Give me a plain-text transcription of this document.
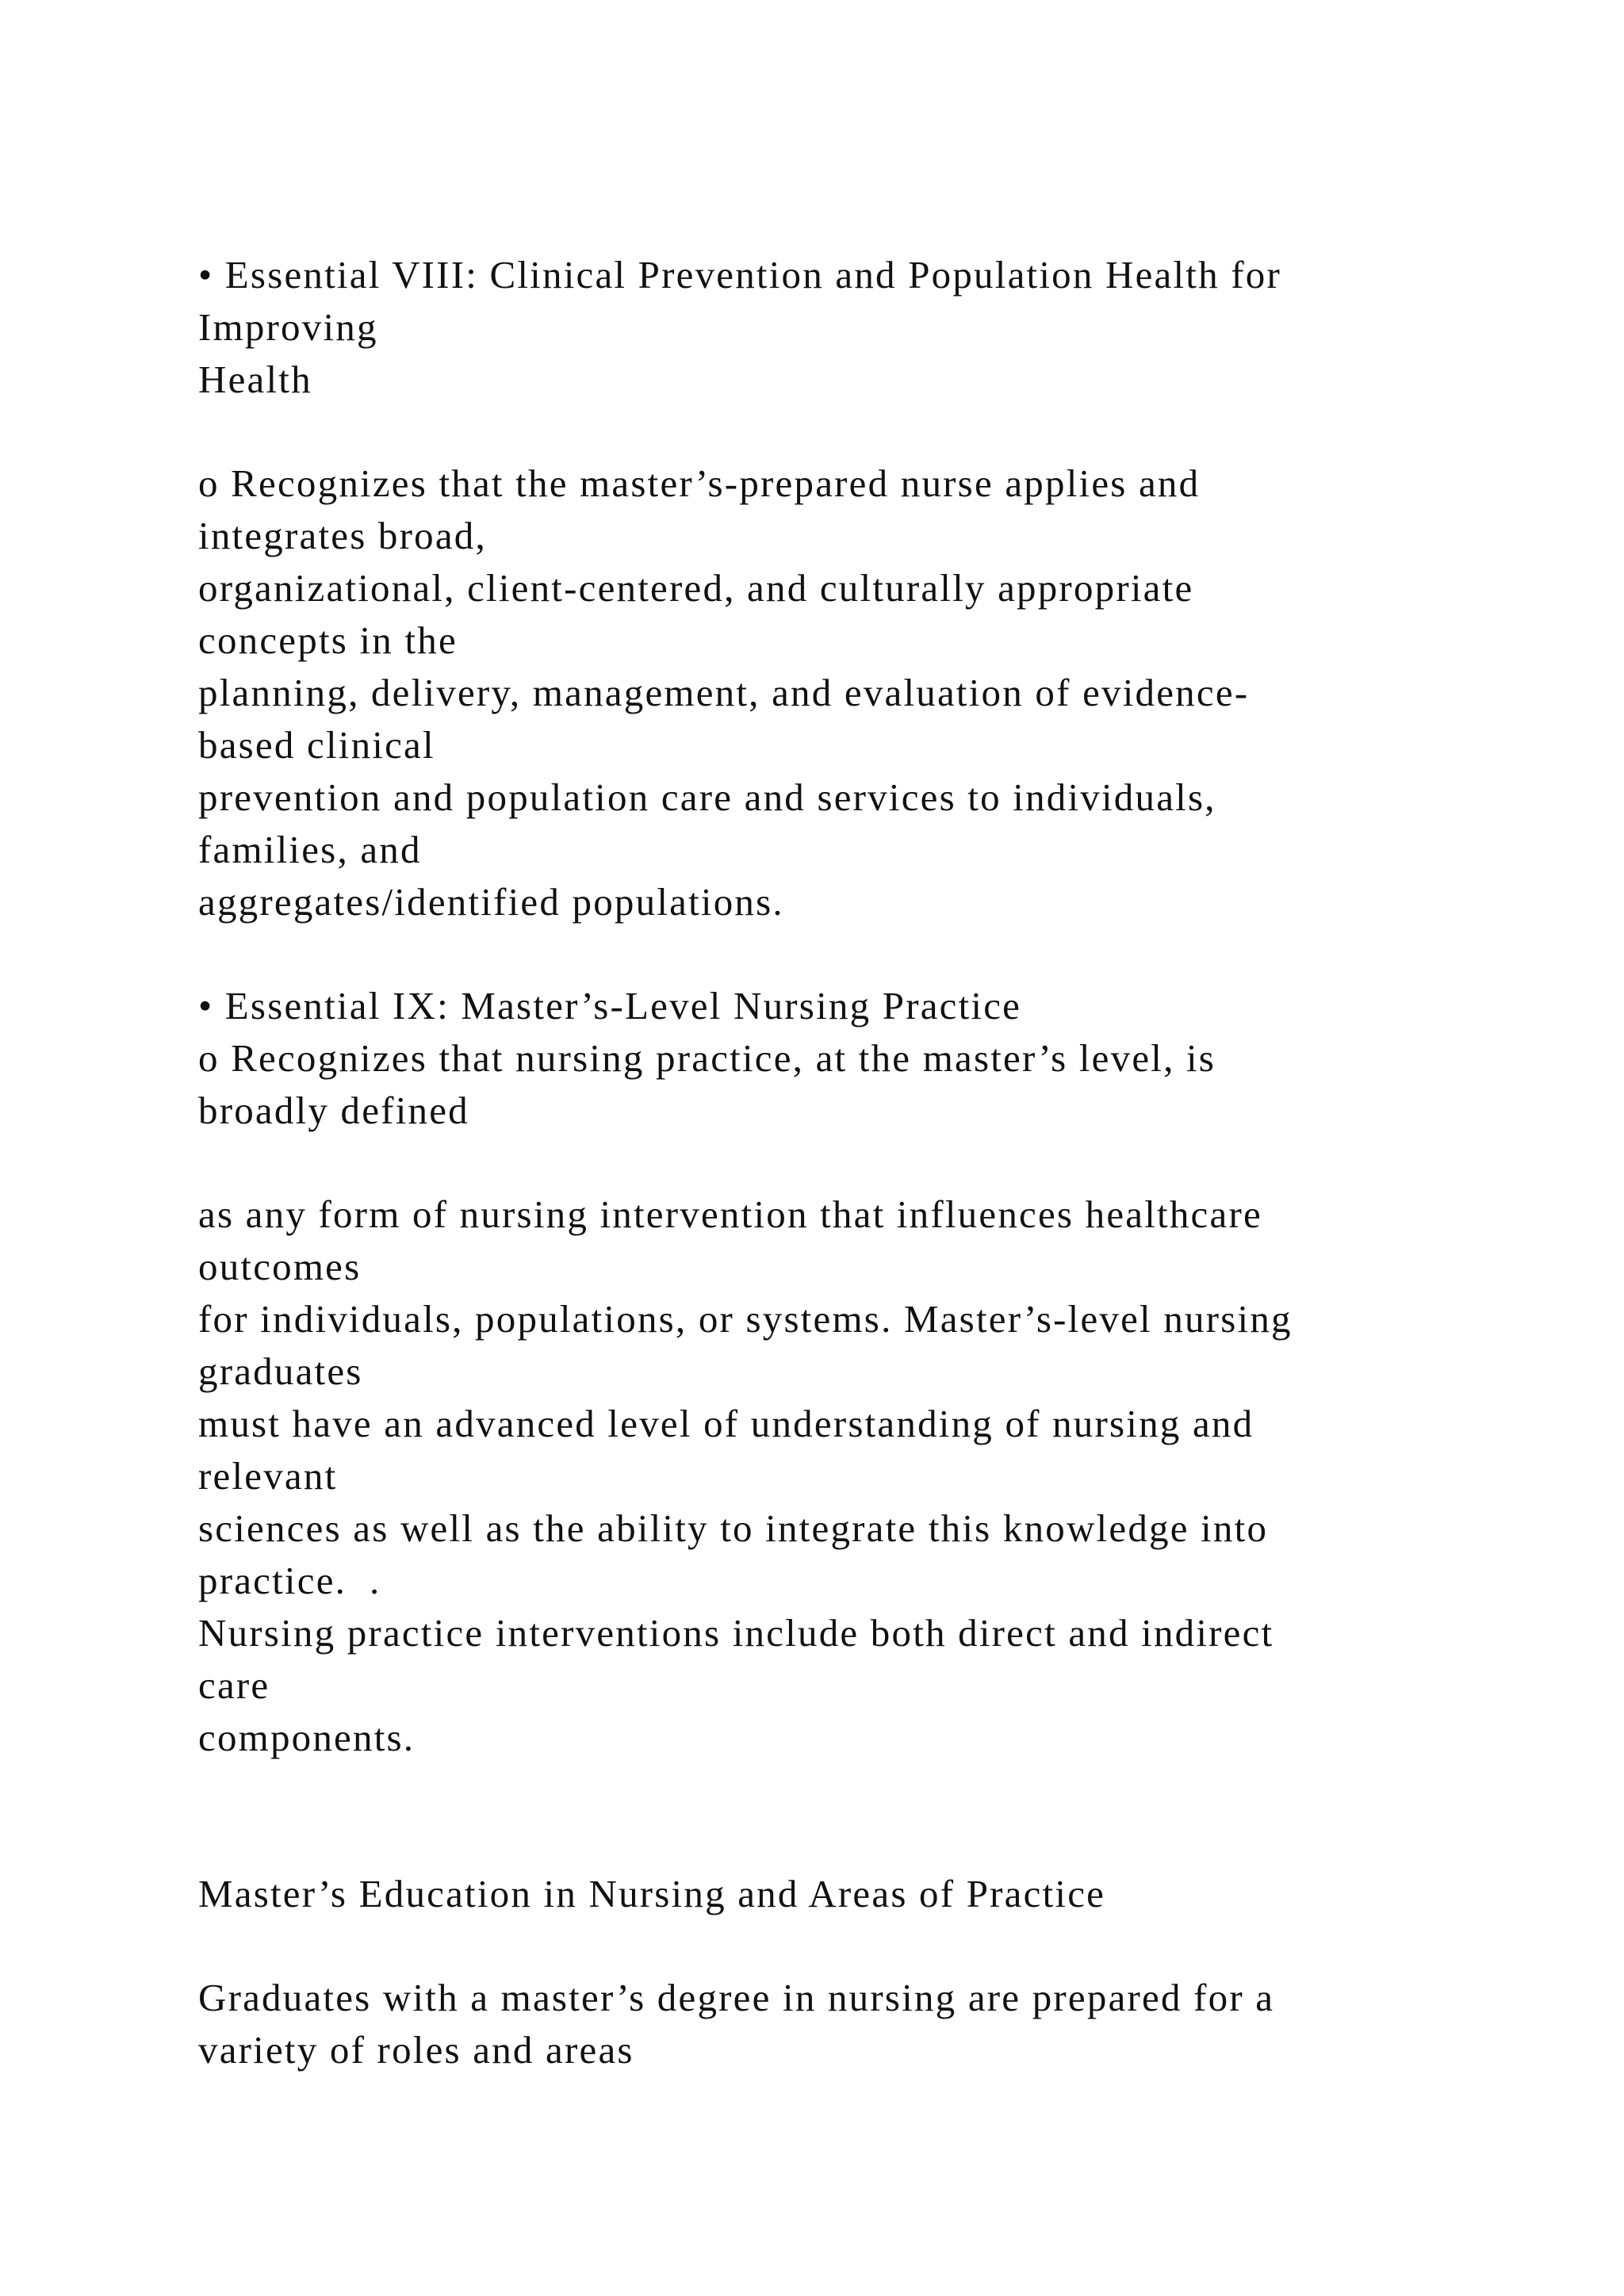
• Essential VIII: Clinical Prevention and Population Health for

Improving

Health

o Recognizes that the master’s-prepared nurse applies and

integrates broad,

organizational, client-centered, and culturally appropriate

concepts in the

planning, delivery, management, and evaluation of evidence-

based clinical

prevention and population care and services to individuals,

families, and

aggregates/identified populations.

• Essential IX: Master’s-Level Nursing Practice

o Recognizes that nursing practice, at the master’s level, is

broadly defined

as any form of nursing intervention that influences healthcare

outcomes

for individuals, populations, or systems. Master’s-level nursing

graduates

must have an advanced level of understanding of nursing and

relevant

sciences as well as the ability to integrate this knowledge into

practice.  .

Nursing practice interventions include both direct and indirect

care

components.

Master’s Education in Nursing and Areas of Practice

Graduates with a master’s degree in nursing are prepared for a

variety of roles and areas
